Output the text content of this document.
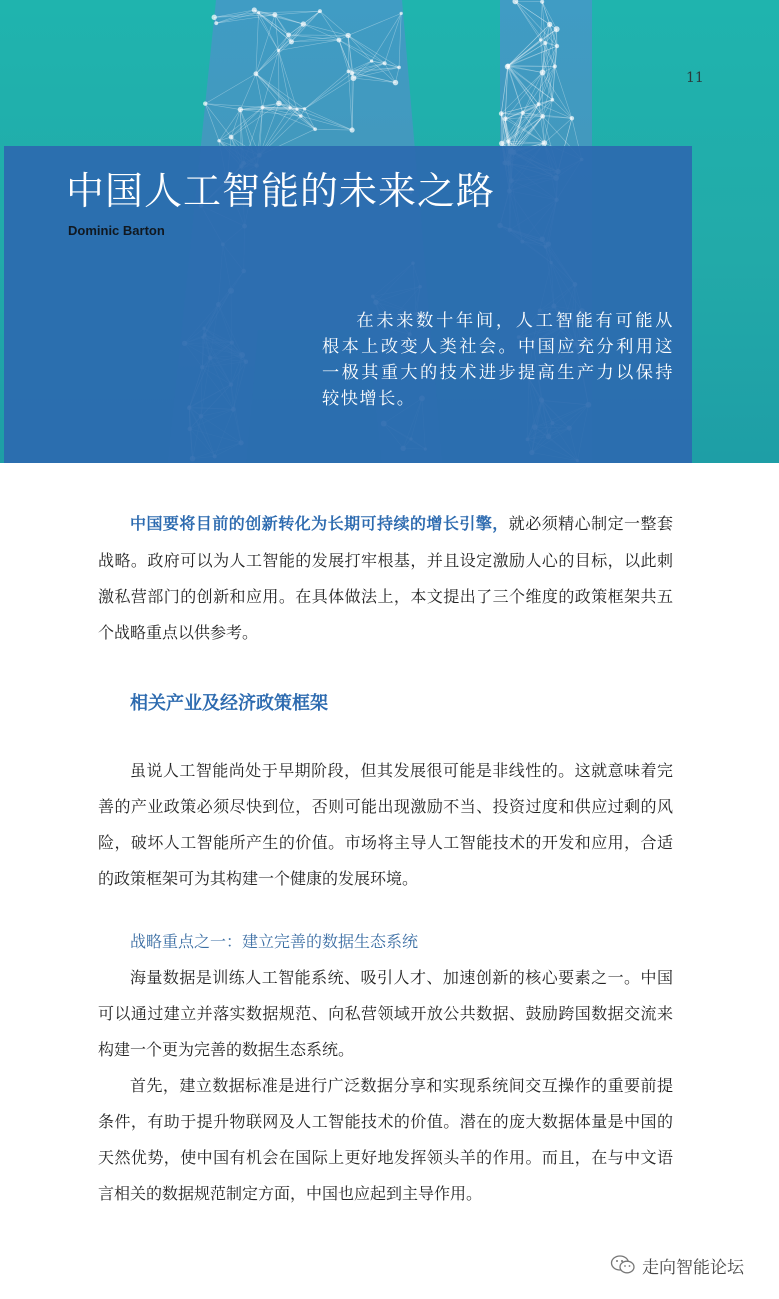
11
中国人工智能的未来之路
Dominic Barton

在未来数十年间，人工智能有可能从根本上改变人类社会。中国应充分利用这一极其重大的技术进步提高生产力以保持较快增长。

中国要将目前的创新转化为长期可持续的增长引擎，就必须精心制定一整套战略。政府可以为人工智能的发展打牢根基，并且设定激励人心的目标，以此刺激私营部门的创新和应用。在具体做法上，本文提出了三个维度的政策框架共五个战略重点以供参考。

相关产业及经济政策框架

虽说人工智能尚处于早期阶段，但其发展很可能是非线性的。这就意味着完善的产业政策必须尽快到位，否则可能出现激励不当、投资过度和供应过剩的风险，破坏人工智能所产生的价值。市场将主导人工智能技术的开发和应用，合适的政策框架可为其构建一个健康的发展环境。

战略重点之一：建立完善的数据生态系统

海量数据是训练人工智能系统、吸引人才、加速创新的核心要素之一。中国可以通过建立并落实数据规范、向私营领域开放公共数据、鼓励跨国数据交流来构建一个更为完善的数据生态系统。

首先，建立数据标准是进行广泛数据分享和实现系统间交互操作的重要前提条件，有助于提升物联网及人工智能技术的价值。潜在的庞大数据体量是中国的天然优势，使中国有机会在国际上更好地发挥领头羊的作用。而且，在与中文语言相关的数据规范制定方面，中国也应起到主导作用。

走向智能论坛
